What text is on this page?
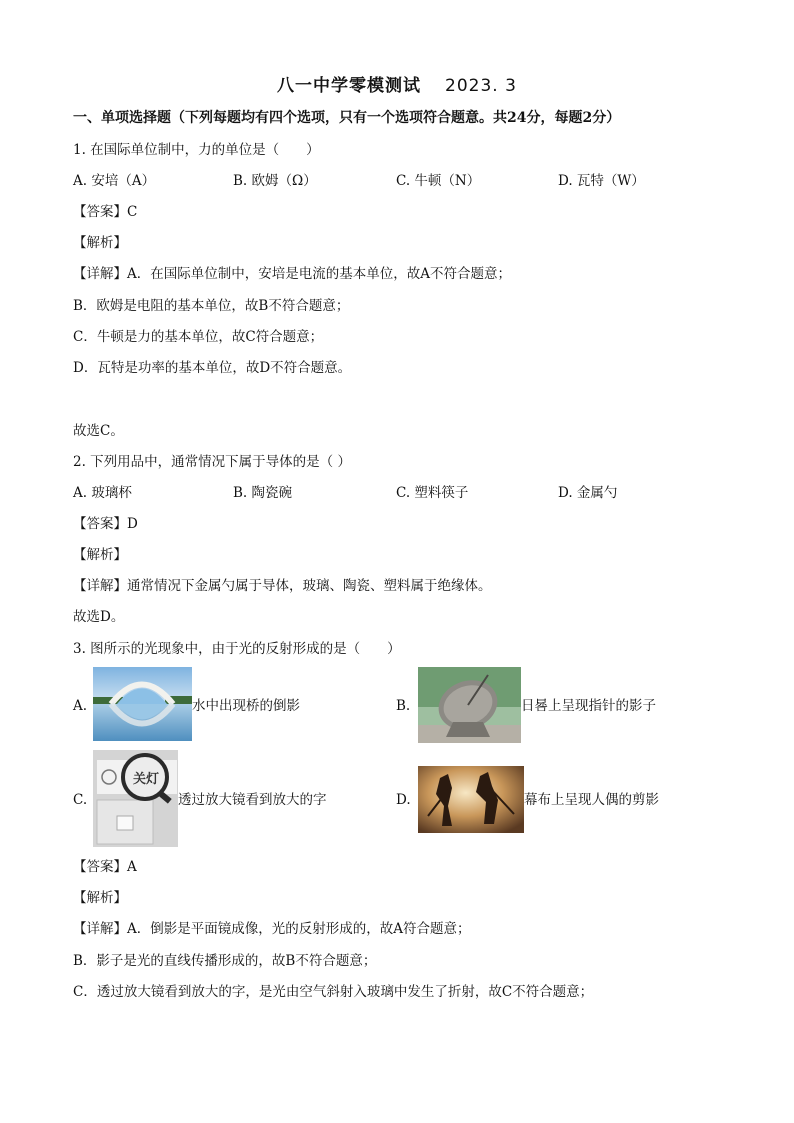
八一中学零模测试 2023. 3
一、单项选择题（下列每题均有四个选项，只有一个选项符合题意。共24分，每题2分）
1. 在国际单位制中，力的单位是（　　）
A. 安培（A）	B. 欧姆（Ω）	C. 牛顿（N）	D. 瓦特（W）
【答案】C
【解析】
【详解】A．在国际单位制中，安培是电流的基本单位，故A不符合题意；
B．欧姆是电阻的基本单位，故B不符合题意；
C．牛顿是力的基本单位，故C符合题意；
D．瓦特是功率的基本单位，故D不符合题意。
故选C。
2. 下列用品中，通常情况下属于导体的是（ ）
A. 玻璃杯	B. 陶瓷碗	C. 塑料筷子	D. 金属勺
【答案】D
【解析】
【详解】通常情况下金属勺属于导体，玻璃、陶瓷、塑料属于绝缘体。
故选D。
3. 图所示的光现象中，由于光的反射形成的是（　　）
A.	水中出现桥的倒影	B.	日晷上呈现指针的影子
C.
关灯
透过放大镜看到放大的字	D.	幕布上呈现人偶的剪影
【答案】A
【解析】
【详解】A．倒影是平面镜成像，光的反射形成的，故A符合题意；
B．影子是光的直线传播形成的，故B不符合题意；
C．透过放大镜看到放大的字，是光由空气斜射入玻璃中发生了折射，故C不符合题意；
